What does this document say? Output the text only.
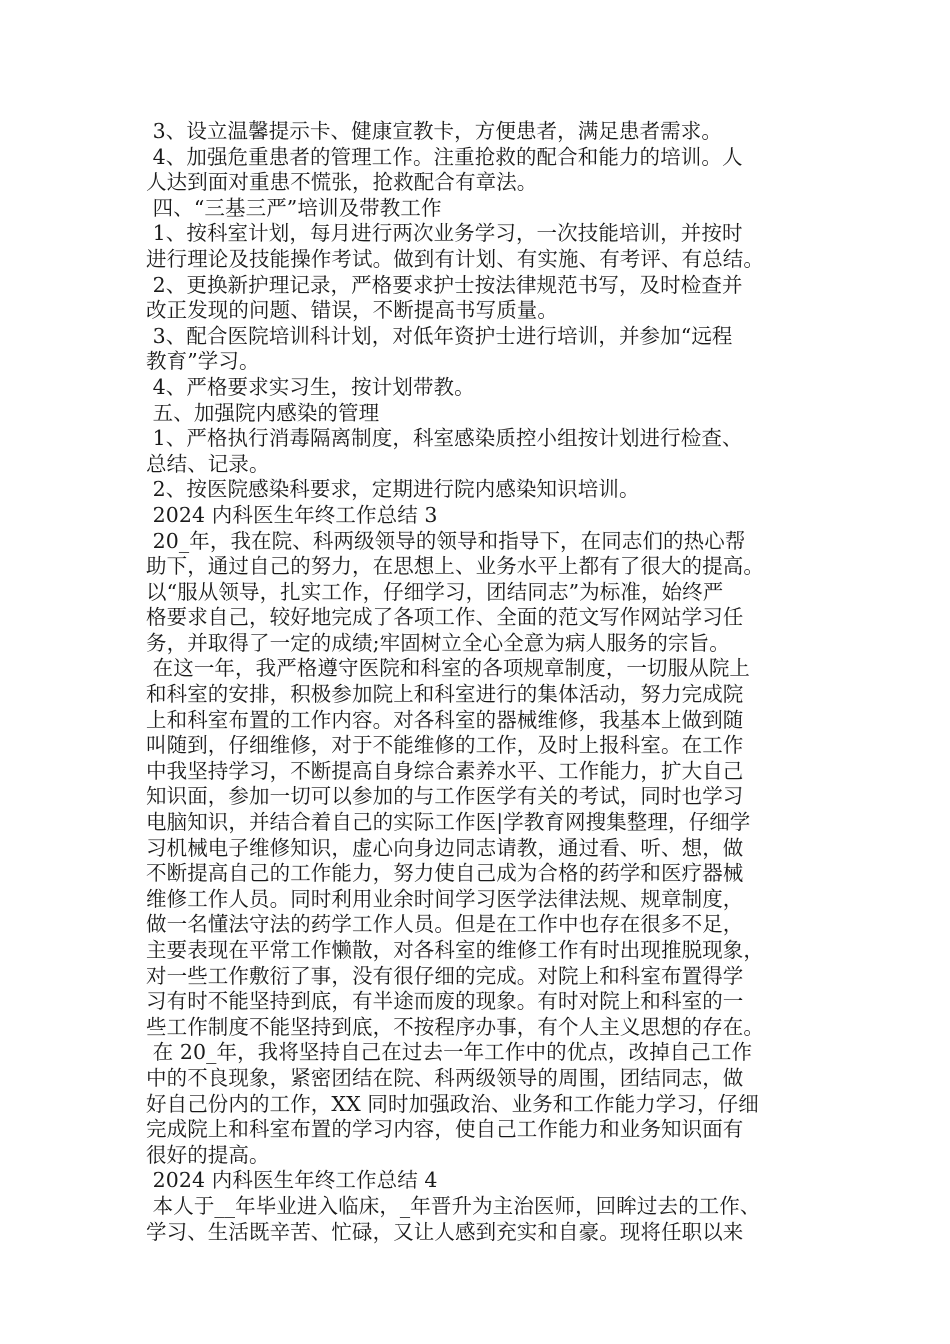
3、设立温馨提示卡、健康宣教卡，方便患者，满足患者需求。
4、加强危重患者的管理工作。注重抢救的配合和能力的培训。人
人达到面对重患不慌张，抢救配合有章法。
四、“三基三严”培训及带教工作
1、按科室计划，每月进行两次业务学习，一次技能培训，并按时
进行理论及技能操作考试。做到有计划、有实施、有考评、有总结。
2、更换新护理记录，严格要求护士按法律规范书写，及时检查并
改正发现的问题、错误，不断提高书写质量。
3、配合医院培训科计划，对低年资护士进行培训，并参加“远程
教育”学习。
4、严格要求实习生，按计划带教。
五、加强院内感染的管理
1、严格执行消毒隔离制度，科室感染质控小组按计划进行检查、
总结、记录。
2、按医院感染科要求，定期进行院内感染知识培训。
2024 内科医生年终工作总结 3
20_年，我在院、科两级领导的领导和指导下，在同志们的热心帮
助下，通过自己的努力，在思想上、业务水平上都有了很大的提高。
以“服从领导，扎实工作，仔细学习，团结同志”为标准，始终严
格要求自己，较好地完成了各项工作、全面的范文写作网站学习任
务，并取得了一定的成绩;牢固树立全心全意为病人服务的宗旨。
在这一年，我严格遵守医院和科室的各项规章制度，一切服从院上
和科室的安排，积极参加院上和科室进行的集体活动，努力完成院
上和科室布置的工作内容。对各科室的器械维修，我基本上做到随
叫随到，仔细维修，对于不能维修的工作，及时上报科室。在工作
中我坚持学习，不断提高自身综合素养水平、工作能力，扩大自己
知识面，参加一切可以参加的与工作医学有关的考试，同时也学习
电脑知识，并结合着自己的实际工作医|学教育网搜集整理，仔细学
习机械电子维修知识，虚心向身边同志请教，通过看、听、想，做
不断提高自己的工作能力，努力使自己成为合格的药学和医疗器械
维修工作人员。同时利用业余时间学习医学法律法规、规章制度，
做一名懂法守法的药学工作人员。但是在工作中也存在很多不足，
主要表现在平常工作懒散，对各科室的维修工作有时出现推脱现象，
对一些工作敷衍了事，没有很仔细的完成。对院上和科室布置得学
习有时不能坚持到底，有半途而废的现象。有时对院上和科室的一
些工作制度不能坚持到底，不按程序办事，有个人主义思想的存在。
在 20_年，我将坚持自己在过去一年工作中的优点，改掉自己工作
中的不良现象，紧密团结在院、科两级领导的周围，团结同志，做
好自己份内的工作，XX 同时加强政治、业务和工作能力学习，仔细
完成院上和科室布置的学习内容，使自己工作能力和业务知识面有
很好的提高。
2024 内科医生年终工作总结 4
本人于__年毕业进入临床，_年晋升为主治医师，回眸过去的工作、
学习、生活既辛苦、忙碌，又让人感到充实和自豪。现将任职以来
